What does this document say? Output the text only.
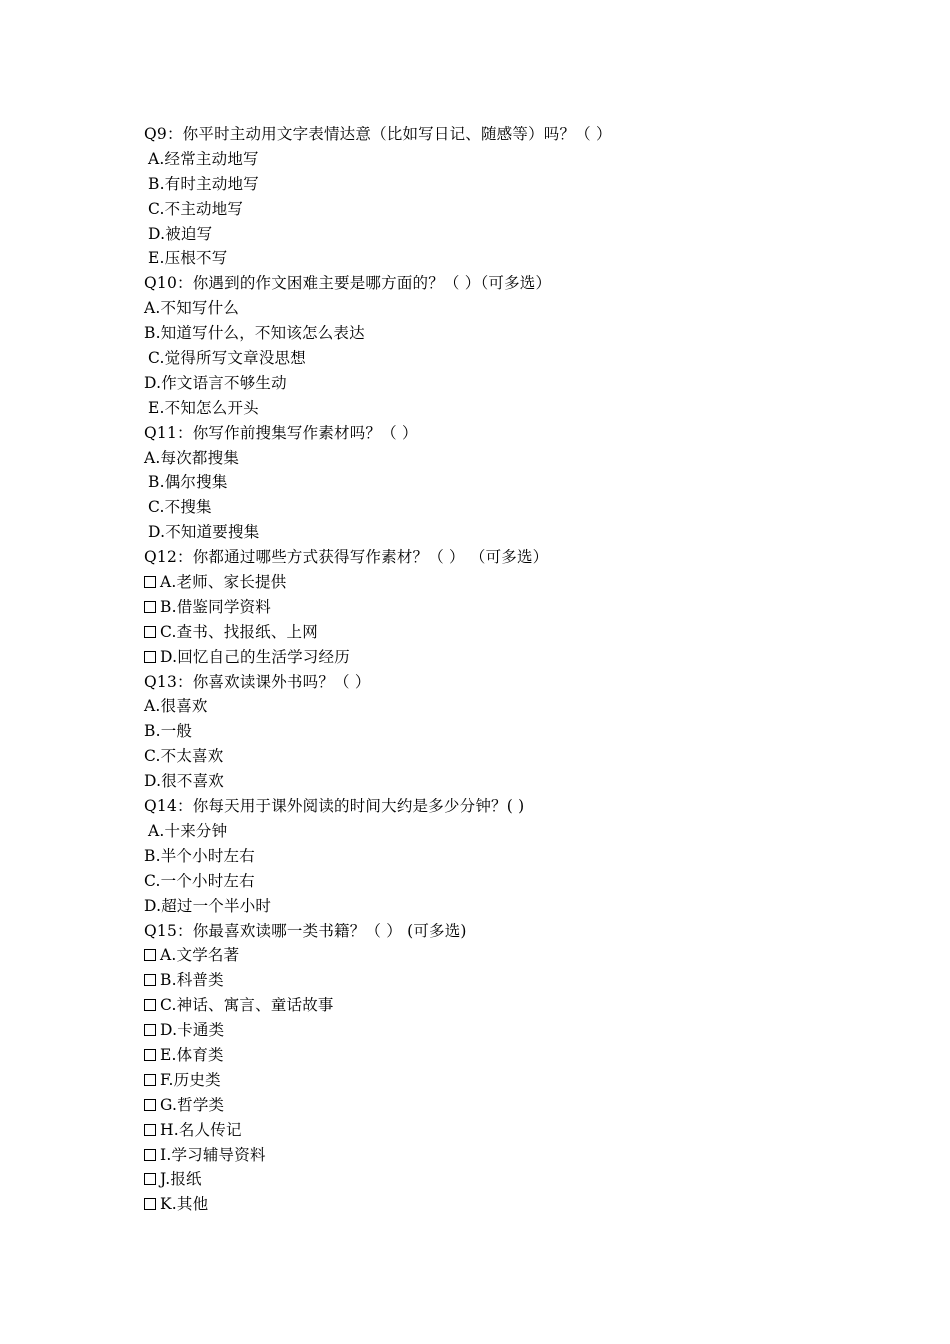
Q9：你平时主动用文字表情达意（比如写日记、随感等）吗？（ ）
A.经常主动地写
B.有时主动地写
C.不主动地写
D.被迫写
E.压根不写
Q10：你遇到的作文困难主要是哪方面的？（ ）（可多选）
A.不知写什么
B.知道写什么，不知该怎么表达
C.觉得所写文章没思想
D.作文语言不够生动
E.不知怎么开头
Q11：你写作前搜集写作素材吗？（ ）
A.每次都搜集
B.偶尔搜集
C.不搜集
D.不知道要搜集
Q12：你都通过哪些方式获得写作素材？（ ） （可多选）
A.老师、家长提供
B.借鉴同学资料
C.查书、找报纸、上网
D.回忆自己的生活学习经历
Q13：你喜欢读课外书吗？（ ）
A.很喜欢
B.一般
C.不太喜欢
D.很不喜欢
Q14：你每天用于课外阅读的时间大约是多少分钟？( )
A.十来分钟
B.半个小时左右
C.一个小时左右
D.超过一个半小时
Q15：你最喜欢读哪一类书籍？（ ） (可多选)
A.文学名著
B.科普类
C.神话、寓言、童话故事
D.卡通类
E.体育类
F.历史类
G.哲学类
H.名人传记
I.学习辅导资料
J.报纸
K.其他
